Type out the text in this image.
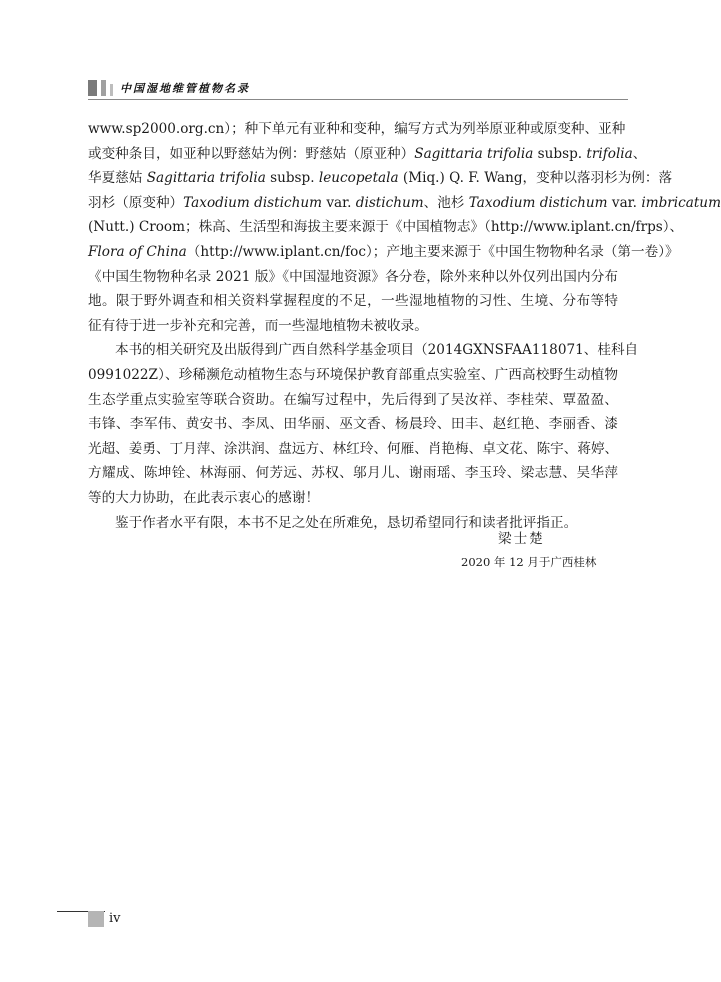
中国湿地维管植物名录

www.sp2000.org.cn）；种下单元有亚种和变种，编写方式为列举原亚种或原变种、亚种
或变种条目，如亚种以野慈姑为例：野慈姑（原亚种）Sagittaria trifolia subsp. trifolia、
华夏慈姑 Sagittaria trifolia subsp. leucopetala (Miq.) Q. F. Wang，变种以落羽杉为例：落
羽杉（原变种）Taxodium distichum var. distichum、池杉 Taxodium distichum var. imbricatum
(Nutt.) Croom；株高、生活型和海拔主要来源于《中国植物志》（http://www.iplant.cn/frps）、
Flora of China（http://www.iplant.cn/foc）；产地主要来源于《中国生物物种名录（第一卷）》
《中国生物物种名录 2021 版》《中国湿地资源》各分卷，除外来种以外仅列出国内分布
地。限于野外调查和相关资料掌握程度的不足，一些湿地植物的习性、生境、分布等特
征有待于进一步补充和完善，而一些湿地植物未被收录。

本书的相关研究及出版得到广西自然科学基金项目（2014GXNSFAA118071、桂科自
0991022Z）、珍稀濒危动植物生态与环境保护教育部重点实验室、广西高校野生动植物
生态学重点实验室等联合资助。在编写过程中，先后得到了吴汝祥、李桂荣、覃盈盈、
韦锋、李军伟、黄安书、李凤、田华丽、巫文香、杨晨玲、田丰、赵红艳、李丽香、漆
光超、姜勇、丁月萍、涂洪润、盘远方、林红玲、何雁、肖艳梅、卓文花、陈宇、蒋婷、
方耀成、陈坤铨、林海丽、何芳远、苏权、邬月儿、谢雨瑶、李玉玲、梁志慧、吴华萍
等的大力协助，在此表示衷心的感谢！

鉴于作者水平有限，本书不足之处在所难免，恳切希望同行和读者批评指正。

梁士楚
2020 年 12 月于广西桂林
iv
